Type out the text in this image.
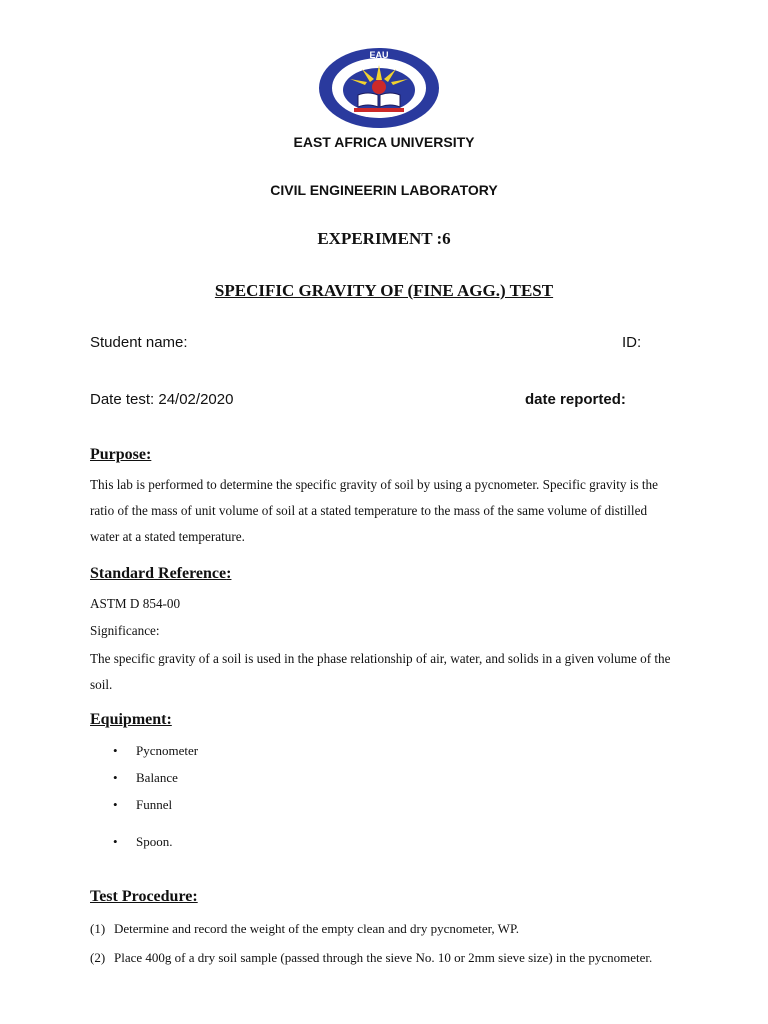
EAU
EAST AFRICA UNIVERSITY
CIVIL ENGINEERIN LABORATORY
EXPERIMENT :6
SPECIFIC GRAVITY OF (FINE AGG.) TEST
Student name:	ID:
Date test: 24/02/2020	date reported:
Purpose:
This lab is performed to determine the specific gravity of soil by using a pycnometer. Specific gravity is the ratio of the mass of unit volume of soil at a stated temperature to the mass of the same volume of distilled water at a stated temperature.
Standard Reference:
ASTM D 854-00
Significance:
The specific gravity of a soil is used in the phase relationship of air, water, and solids in a given volume of the soil.
Equipment:
• Pycnometer
• Balance
• Funnel
• Spoon.
Test Procedure:
(1) Determine and record the weight of the empty clean and dry pycnometer, WP.
(2) Place 400g of a dry soil sample (passed through the sieve No. 10 or 2mm sieve size) in the pycnometer.
